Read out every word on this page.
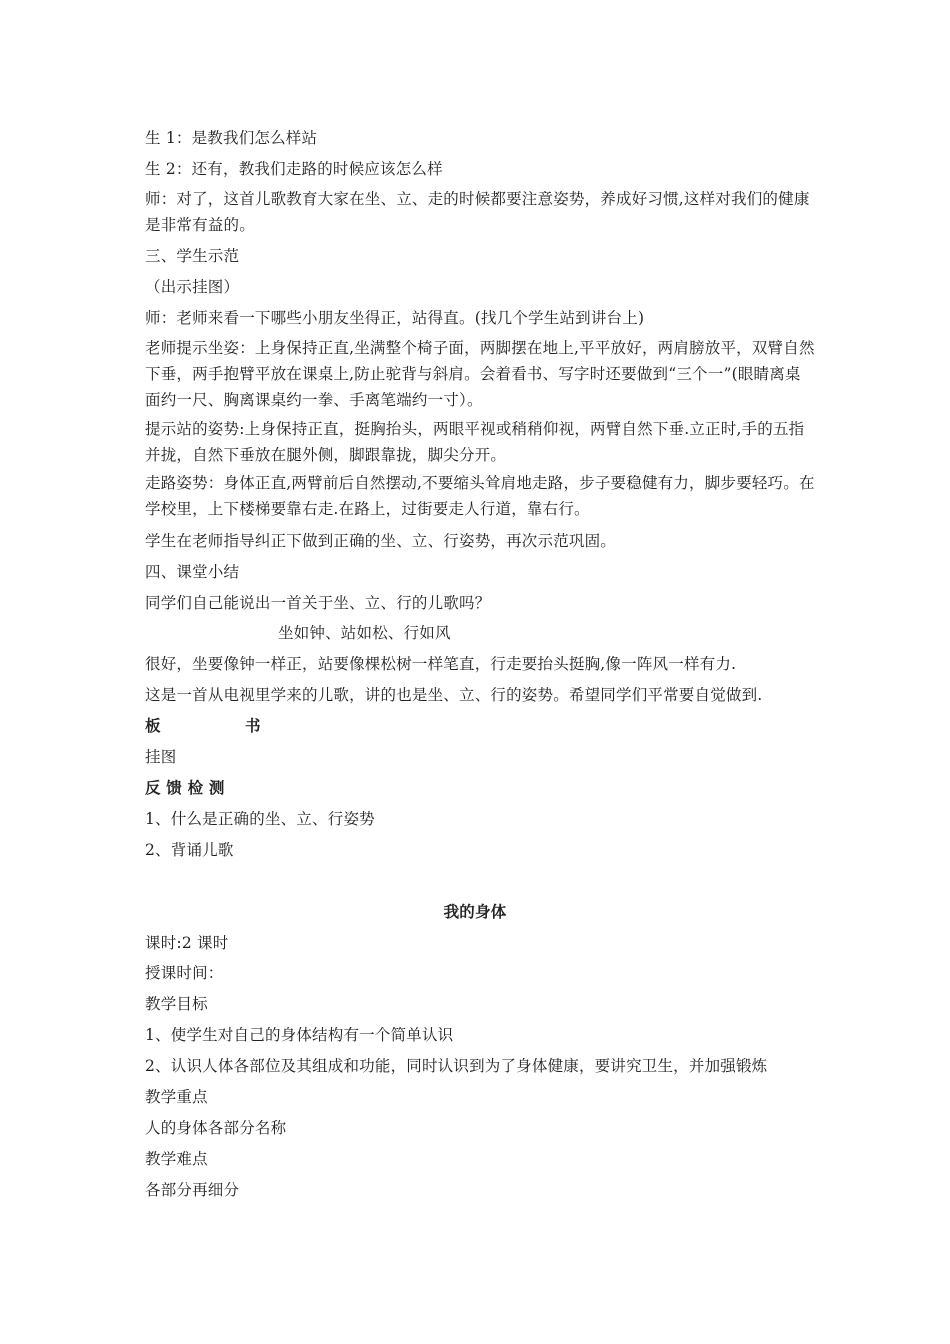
生 1：是教我们怎么样站
生 2：还有，教我们走路的时候应该怎么样
师：对了，这首儿歌教育大家在坐、立、走的时候都要注意姿势，养成好习惯,这样对我们的健康是非常有益的。
三、学生示范
（出示挂图）
师：老师来看一下哪些小朋友坐得正，站得直。(找几个学生站到讲台上)
老师提示坐姿：上身保持正直,坐满整个椅子面，两脚摆在地上,平平放好，两肩膀放平，双臂自然下垂，两手抱臂平放在课桌上,防止驼背与斜肩。会着看书、写字时还要做到“三个一”(眼睛离桌面约一尺、胸离课桌约一拳、手离笔端约一寸）。
提示站的姿势:上身保持正直，挺胸抬头，两眼平视或稍稍仰视，两臂自然下垂.立正时,手的五指并拢，自然下垂放在腿外侧，脚跟靠拢，脚尖分开。
走路姿势：身体正直,两臂前后自然摆动,不要缩头耸肩地走路，步子要稳健有力，脚步要轻巧。在学校里，上下楼梯要靠右走.在路上，过街要走人行道，靠右行。
学生在老师指导纠正下做到正确的坐、立、行姿势，再次示范巩固。
四、课堂小结
同学们自己能说出一首关于坐、立、行的儿歌吗？
坐如钟、站如松、行如风
很好，坐要像钟一样正，站要像棵松树一样笔直，行走要抬头挺胸,像一阵风一样有力.
这是一首从电视里学来的儿歌，讲的也是坐、立、行的姿势。希望同学们平常要自觉做到.
板	书
挂图
反 馈 检 测
1、什么是正确的坐、立、行姿势
2、背诵儿歌
我的身体
课时:2 课时
授课时间：
教学目标
1、使学生对自己的身体结构有一个简单认识
2、认识人体各部位及其组成和功能，同时认识到为了身体健康，要讲究卫生，并加强锻炼
教学重点
人的身体各部分名称
教学难点
各部分再细分
